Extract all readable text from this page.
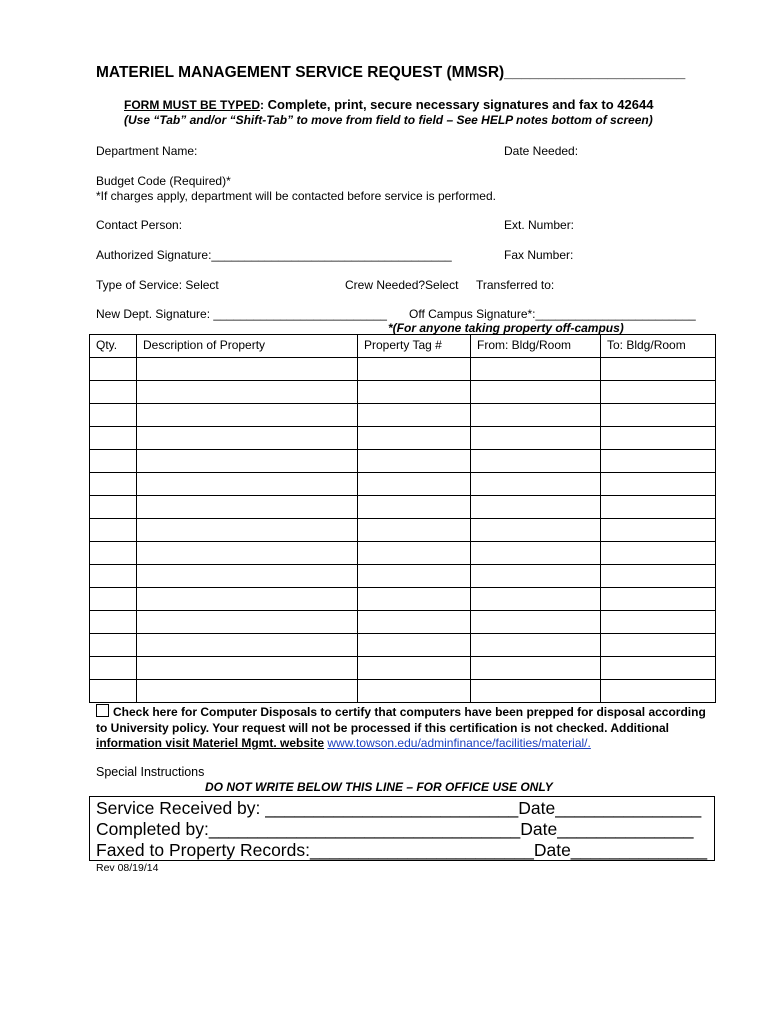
MATERIEL MANAGEMENT SERVICE REQUEST (MMSR)_____________________
FORM MUST BE TYPED: Complete, print, secure necessary signatures and fax to 42644
(Use “Tab” and/or “Shift-Tab” to move from field to field – See HELP notes bottom of screen)
Department Name:	Date Needed:
Budget Code (Required)*
*If charges apply, department will be contacted before service is performed.
Contact Person:	Ext. Number:
Authorized Signature:____________________________________	Fax Number:
Type of Service: Select	Crew Needed?Select Transferred to:
New Dept. Signature: __________________________ Off Campus Signature*:________________________
*(For anyone taking property off-campus)
Qty.	Description of Property	Property Tag #	From: Bldg/Room	To: Bldg/Room

Check here for Computer Disposals to certify that computers have been prepped for disposal according to University policy. Your request will not be processed if this certification is not checked. Additional information visit Materiel Mgmt. website www.towson.edu/adminfinance/facilities/material/.
Special Instructions
DO NOT WRITE BELOW THIS LINE – FOR OFFICE USE ONLY
Service Received by: __________________________Date_______________
Completed by:________________________________Date______________
Faxed to Property Records:_______________________Date______________
Rev 08/19/14
